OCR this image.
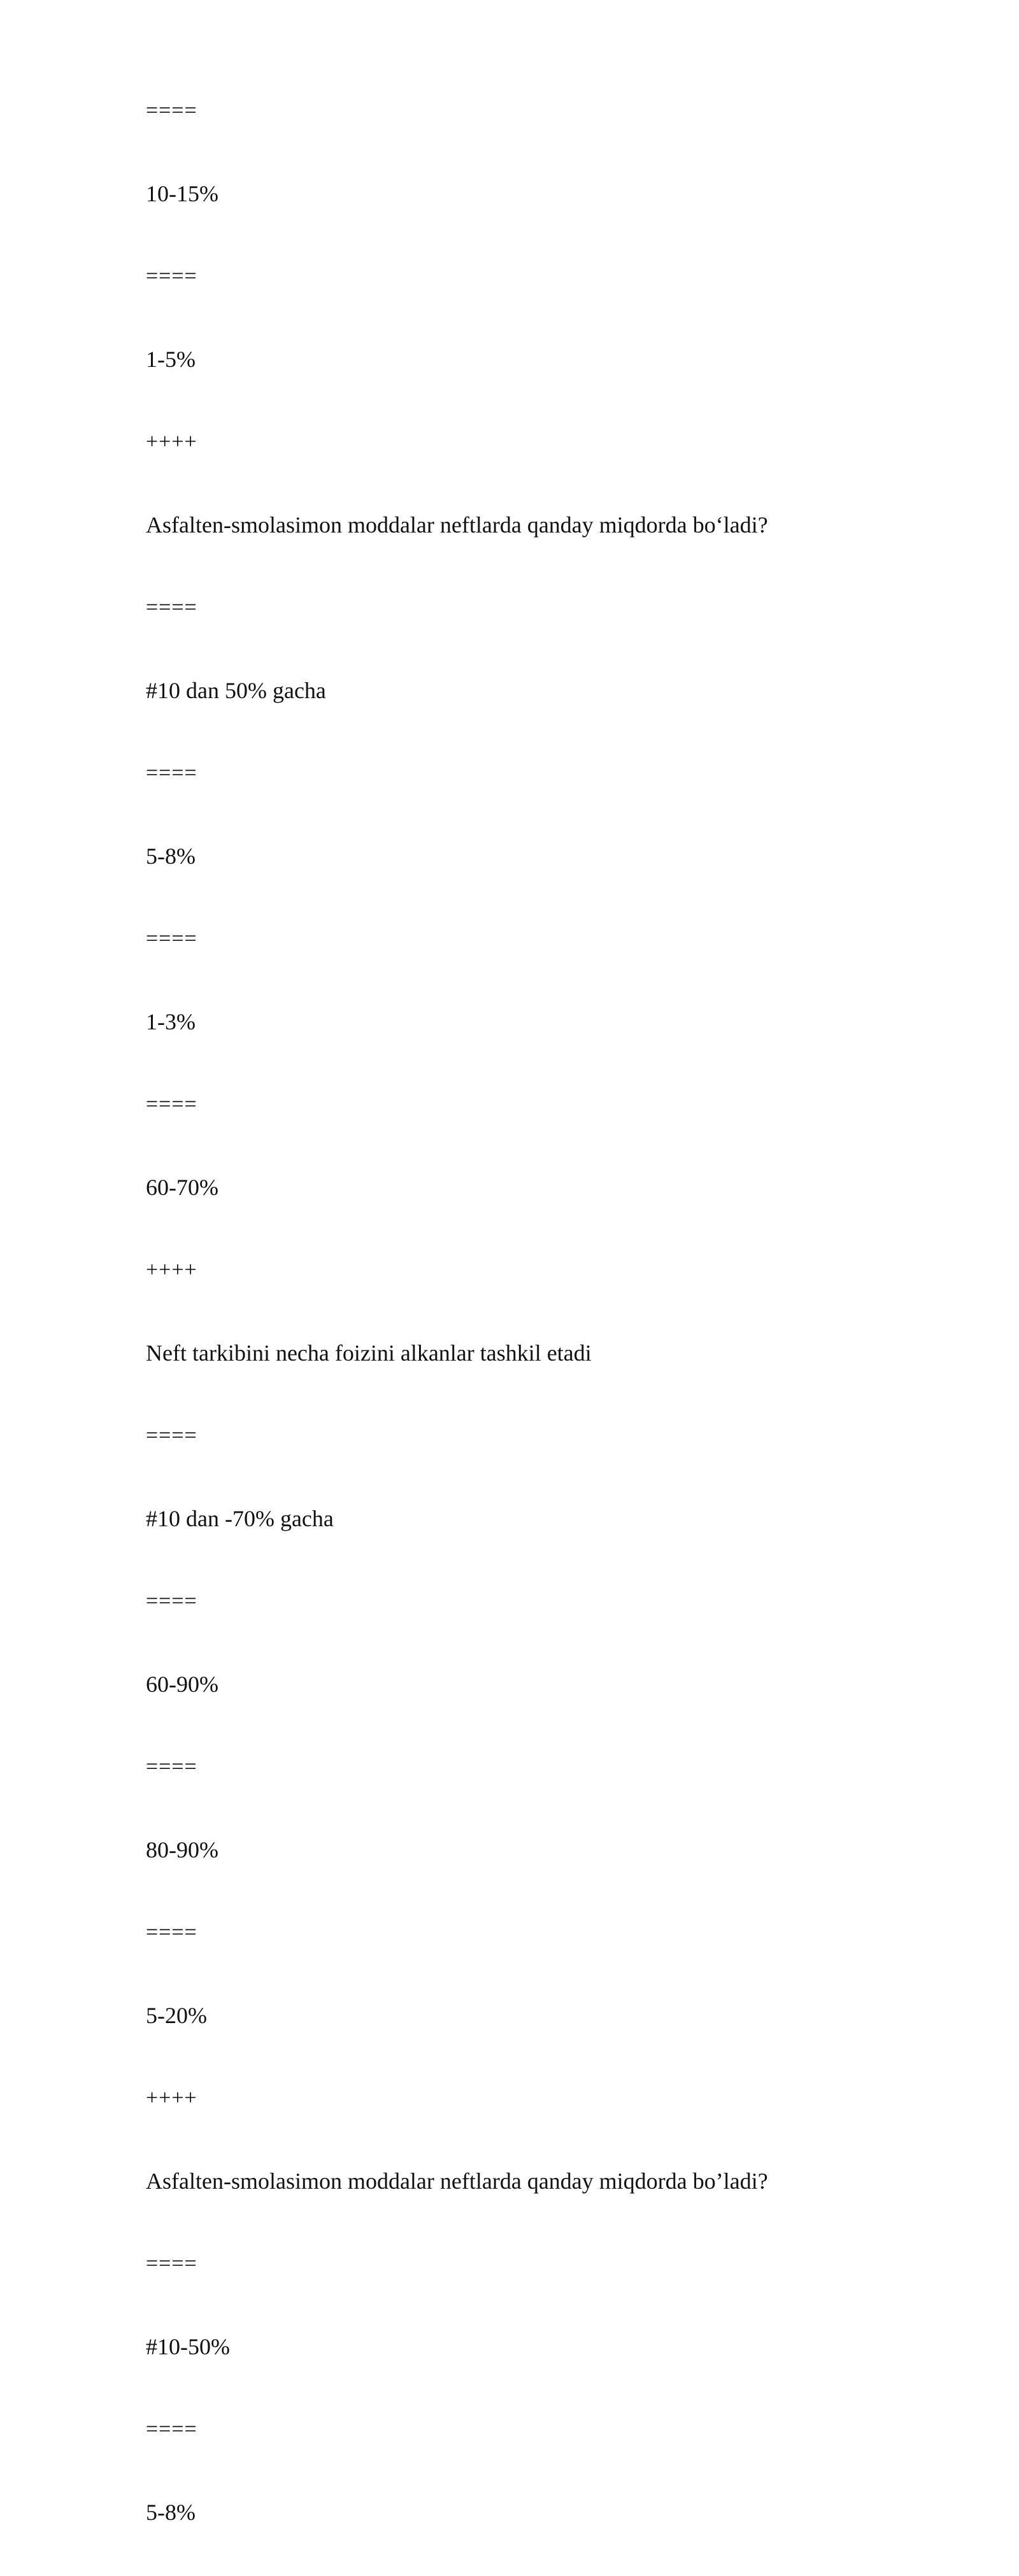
====
10-15%
====
1-5%
++++
Asfalten-smolasimon moddalar neftlarda qanday miqdorda bo‘ladi?
====
#10 dan 50% gacha
====
5-8%
====
1-3%
====
60-70%
++++
Neft tarkibini necha foizini alkanlar tashkil etadi
====
#10 dan -70% gacha
====
60-90%
====
80-90%
====
5-20%
++++
Asfalten-smolasimon moddalar neftlarda qanday miqdorda bo’ladi?
====
#10-50%
====
5-8%
